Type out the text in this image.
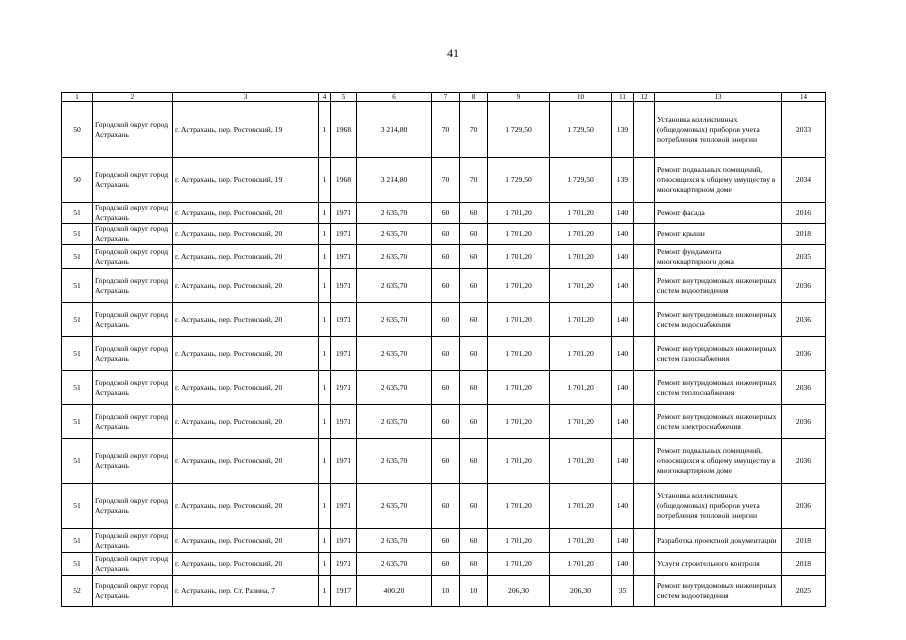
41
1	2	3	4	5	6	7	8	9	10	11	12	13	14
50	Городской округ город Астрахань	г. Астрахань, пер. Ростовский, 19	1	1968	3 214,80	70	70	1 729,50	1 729,50	139		Установка коллективных (общедомовых) приборов учета потребления тепловой энергии	2033
50	Городской округ город Астрахань	г. Астрахань, пер. Ростовский, 19	1	1968	3 214,80	70	70	1 729,50	1 729,50	139		Ремонт подвальных помещений, относящихся к общему имуществу в многоквартирном доме	2034
51	Городской округ город Астрахань	г. Астрахань, пер. Ростовский, 20	1	1971	2 635,70	60	60	1 701,20	1 701,20	140		Ремонт фасада	2016
51	Городской округ город Астрахань	г. Астрахань, пер. Ростовский, 20	1	1971	2 635,70	60	60	1 701,20	1 701,20	140		Ремонт крыши	2018
51	Городской округ город Астрахань	г. Астрахань, пер. Ростовский, 20	1	1971	2 635,70	60	60	1 701,20	1 701,20	140		Ремонт фундамента многоквартирного дома	2035
51	Городской округ город Астрахань	г. Астрахань, пер. Ростовский, 20	1	1971	2 635,70	60	60	1 701,20	1 701,20	140		Ремонт внутридомовых инженерных систем водоотведения	2036
51	Городской округ город Астрахань	г. Астрахань, пер. Ростовский, 20	1	1971	2 635,70	60	60	1 701,20	1 701,20	140		Ремонт внутридомовых инженерных систем водоснабжения	2036
51	Городской округ город Астрахань	г. Астрахань, пер. Ростовский, 20	1	1971	2 635,70	60	60	1 701,20	1 701,20	140		Ремонт внутридомовых инженерных систем газоснабжения	2036
51	Городской округ город Астрахань	г. Астрахань, пер. Ростовский, 20	1	1971	2 635,70	60	60	1 701,20	1 701,20	140		Ремонт внутридомовых инженерных систем теплоснабжения	2036
51	Городской округ город Астрахань	г. Астрахань, пер. Ростовский, 20	1	1971	2 635,70	60	60	1 701,20	1 701,20	140		Ремонт внутридомовых инженерных систем электроснабжения	2036
51	Городской округ город Астрахань	г. Астрахань, пер. Ростовский, 20	1	1971	2 635,70	60	60	1 701,20	1 701,20	140		Ремонт подвальных помещений, относящихся к общему имуществу в многоквартирном доме	2036
51	Городской округ город Астрахань	г. Астрахань, пер. Ростовский, 20	1	1971	2 635,70	60	60	1 701,20	1 701,20	140		Установка коллективных (общедомовых) приборов учета потребления тепловой энергии	2036
51	Городской округ город Астрахань	г. Астрахань, пер. Ростовский, 20	1	1971	2 635,70	60	60	1 701,20	1 701,20	140		Разработка проектной документации	2018
51	Городской округ город Астрахань	г. Астрахань, пер. Ростовский, 20	1	1971	2 635,70	60	60	1 701,20	1 701,20	140		Услуги строительного контроля	2018
52	Городской округ город Астрахань	г. Астрахань, пер. Ст. Разина, 7	1	1917	400,20	10	10	206,30	206,30	35		Ремонт внутридомовых инженерных систем водоотведения	2025
